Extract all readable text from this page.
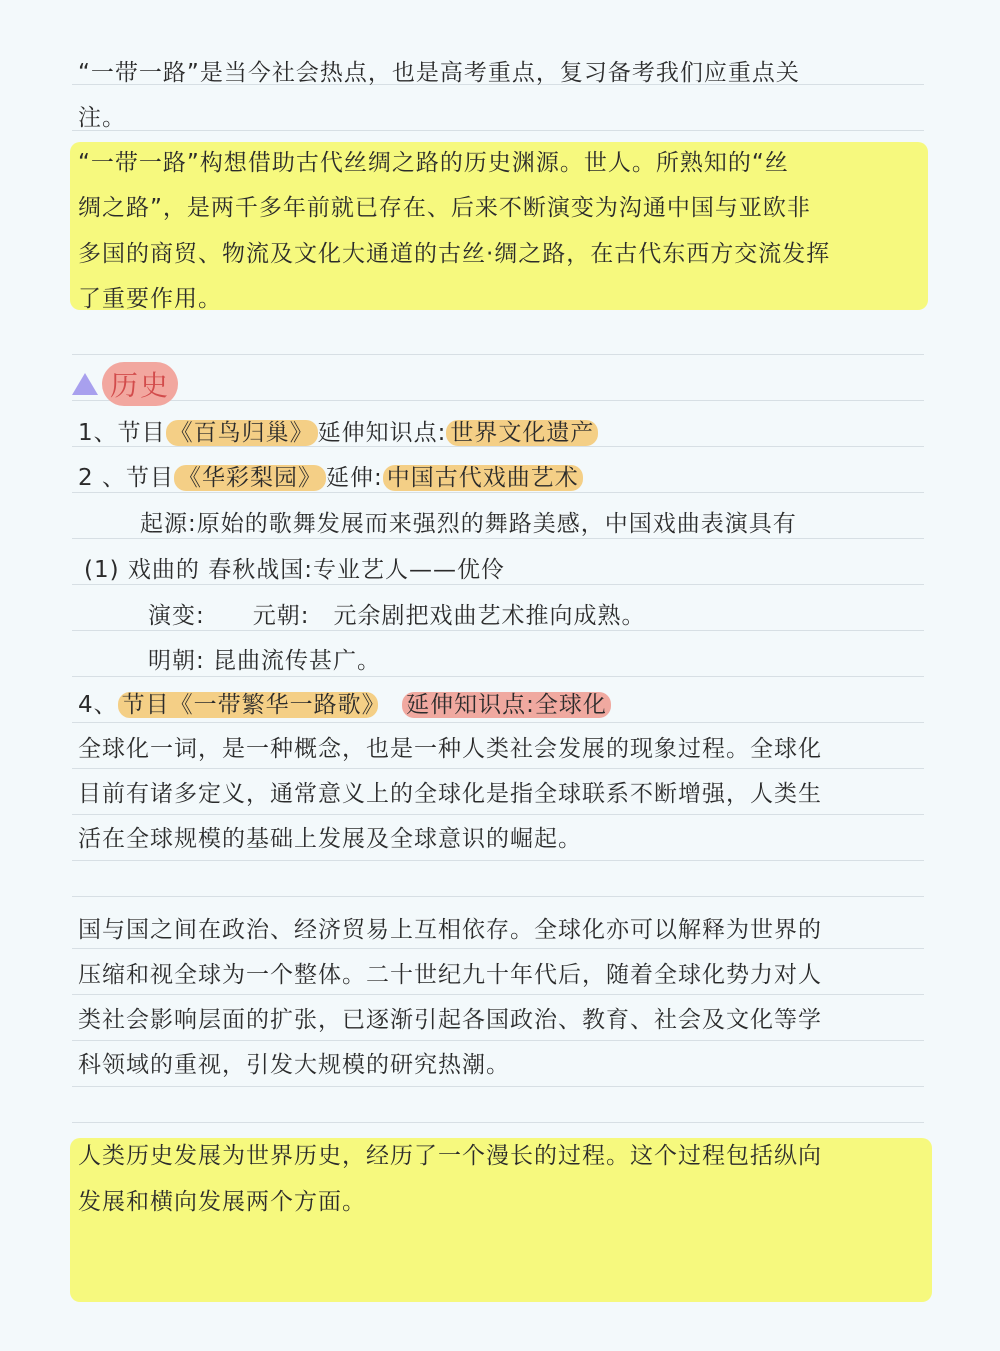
“一带一路”是当今社会热点，也是高考重点，复习备考我们应重点关
注。
“一带一路”构想借助古代丝绸之路的历史渊源。世人。所熟知的“丝
绸之路”，是两千多年前就已存在、后来不断演变为沟通中国与亚欧非
多国的商贸、物流及文化大通道的古丝·绸之路，在古代东西方交流发挥
了重要作用。
历史
1、节目 《百鸟归巢》 延伸知识点: 世界文化遗产
2 、节目 《华彩梨园》 延伸: 中国古代戏曲艺术
起源:原始的歌舞发展而来强烈的舞路美感，中国戏曲表演具有
(1) 戏曲的 春秋战国:专业艺人——优伶
演变:　　元朝:　元余剧把戏曲艺术推向成熟。
明朝: 昆曲流传甚广。
4、 节目《一带繁华一路歌》　 延伸知识点:全球化
全球化一词，是一种概念，也是一种人类社会发展的现象过程。全球化
目前有诸多定义，通常意义上的全球化是指全球联系不断增强，人类生
活在全球规模的基础上发展及全球意识的崛起。
国与国之间在政治、经济贸易上互相依存。全球化亦可以解释为世界的
压缩和视全球为一个整体。二十世纪九十年代后，随着全球化势力对人
类社会影响层面的扩张，已逐渐引起各国政治、教育、社会及文化等学
科领域的重视，引发大规模的研究热潮。
人类历史发展为世界历史，经历了一个漫长的过程。这个过程包括纵向
发展和横向发展两个方面。
